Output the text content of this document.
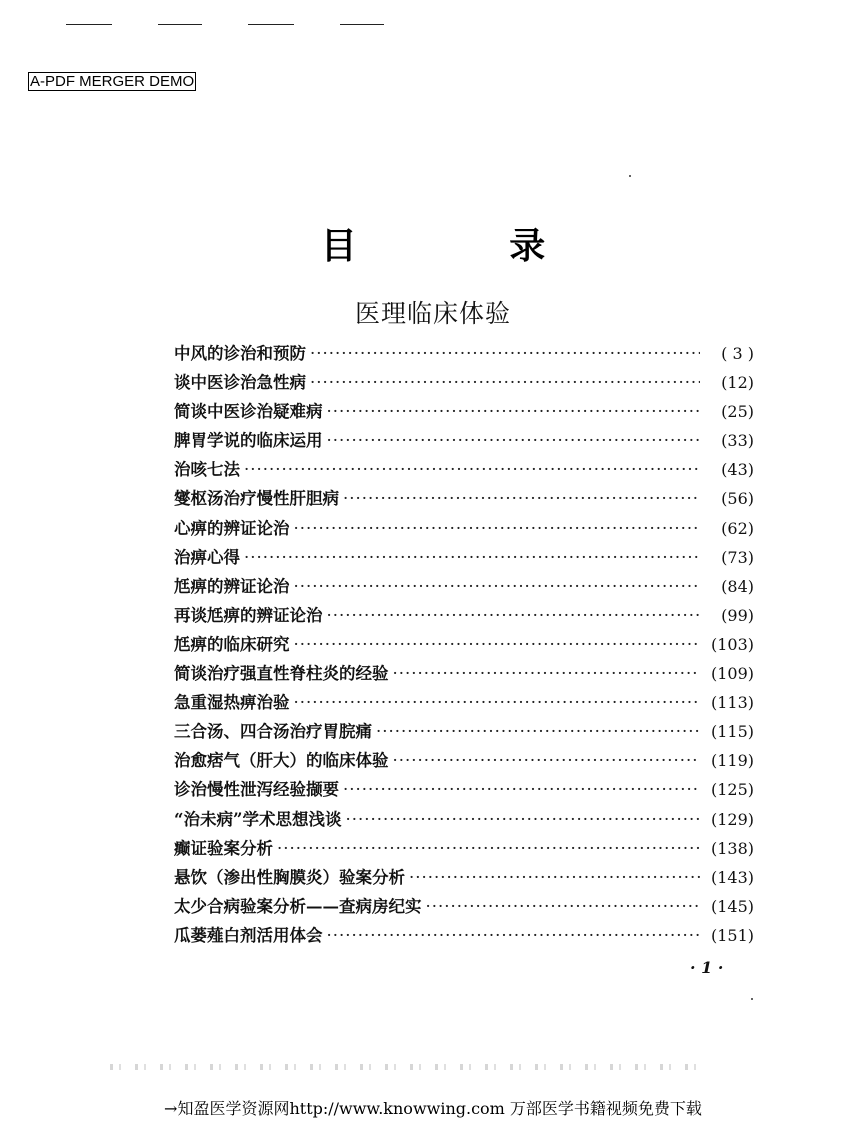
A-PDF MERGER DEMO
目 录
医理临床体验
中风的诊治和预防 ·····	( 3 )
谈中医诊治急性病 ·····	(12)
简谈中医诊治疑难病 ·····	(25)
脾胃学说的临床运用 ·····	(33)
治咳七法 ·····	(43)
燮枢汤治疗慢性肝胆病 ·····	(56)
心痹的辨证论治 ·····	(62)
治痹心得 ·····	(73)
尪痹的辨证论治 ·····	(84)
再谈尪痹的辨证论治 ·····	(99)
尪痹的临床研究 ·····	(103)
简谈治疗强直性脊柱炎的经验 ·····	(109)
急重湿热痹治验 ·····	(113)
三合汤、四合汤治疗胃脘痛 ·····	(115)
治愈痞气（肝大）的临床体验 ·····	(119)
诊治慢性泄泻经验撷要 ·····	(125)
“治未病”学术思想浅谈 ·····	(129)
癫证验案分析 ·····	(138)
悬饮（渗出性胸膜炎）验案分析 ·····	(143)
太少合病验案分析——查病房纪实 ·····	(145)
瓜蒌薤白剂活用体会 ·····	(151)
· 1 ·
→知盈医学资源网http://www.knowwing.com 万部医学书籍视频免费下载
